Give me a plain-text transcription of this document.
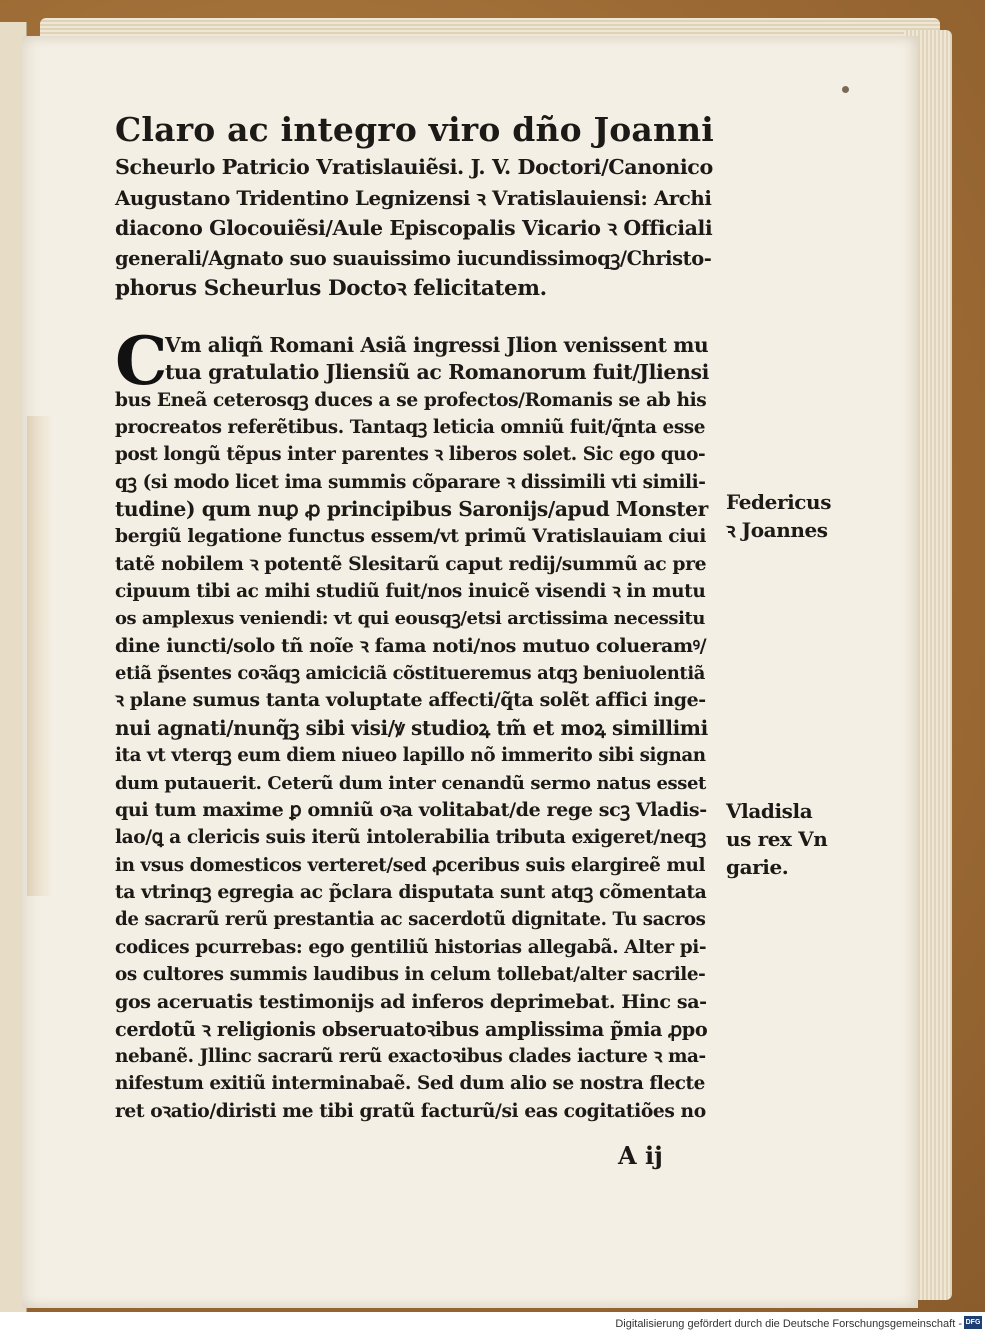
Claro ac integro viro dño Joanni
Scheurlo Patricio Vratislauiẽsi. J. V. Doctori/Canonico
Augustano Tridentino Legnizensi ꝛ Vratislauiensi: Archi
diacono Glocouiẽsi/Aule Episcopalis Vicario ꝛ Officiali
generali/Agnato suo suauissimo iucundissimoqꝫ/Christo-
phorus Scheurlus Doctoꝛ felicitatem.
C
Vm aliqñ Romani Asiã ingressi Jlion venissent mu
tua gratulatio Jliensiũ ac Romanorum fuit/Jliensi
bus Eneã ceterosqꝫ duces a se profectos/Romanis se ab his
procreatos referẽtibus. Tantaqꝫ leticia omniũ fuit/q̃nta esse
post longũ tẽpus inter parentes ꝛ liberos solet. Sic ego quo-
qꝫ (si modo licet ima summis cõparare ꝛ dissimili vti simili-
tudine) qum nuꝑ ꝓ principibus Saronijs/apud Monster
bergiũ legatione functus essem/vt primũ Vratislauiam ciui
tatẽ nobilem ꝛ potentẽ Slesitarũ caput redij/summũ ac pre
cipuum tibi ac mihi studiũ fuit/nos inuicẽ visendi ꝛ in mutu
os amplexus veniendi: vt qui eousqꝫ/etsi arctissima necessitu
dine iuncti/solo tñ noĩe ꝛ fama noti/nos mutuo colueramꝰ/
etiã p̃sentes coꝛãqꝫ amiciciã cõstitueremus atqꝫ beniuolentiã
ꝛ plane sumus tanta voluptate affecti/q̃ta solẽt affici inge-
nui agnati/nunq̃ꝫ sibi visi/ꝟ studioꝝ tm̃ et moꝝ simillimi
ita vt vterqꝫ eum diem niueo lapillo nõ immerito sibi signan
dum putauerit. Ceterũ dum inter cenandũ sermo natus esset
qui tum maxime ꝑ omniũ oꝛa volitabat/de rege scꝫ Vladis-
lao/ꝗ a clericis suis iterũ intolerabilia tributa exigeret/neqꝫ
in vsus domesticos verteret/sed ꝓceribus suis elargireẽ mul
ta vtrinqꝫ egregia ac p̃clara disputata sunt atqꝫ cõmentata
de sacrarũ rerũ prestantia ac sacerdotũ dignitate. Tu sacros
codices pcurrebas: ego gentiliũ historias allegabã. Alter pi-
os cultores summis laudibus in celum tollebat/alter sacrile-
gos aceruatis testimonijs ad inferos deprimebat. Hinc sa-
cerdotũ ꝛ religionis obseruatoꝛibus amplissima p̃mia ꝓpo
nebanẽ. Jllinc sacrarũ rerũ exactoꝛibus clades iacture ꝛ ma-
nifestum exitiũ interminabaẽ. Sed dum alio se nostra flecte
ret oꝛatio/diristi me tibi gratũ facturũ/si eas cogitatiões no
Federicus
ꝛ Joannes
Vladisla
us rex Vn
garie.
A ij
Digitalisierung gefördert durch die Deutsche Forschungsgemeinschaft - DFG
